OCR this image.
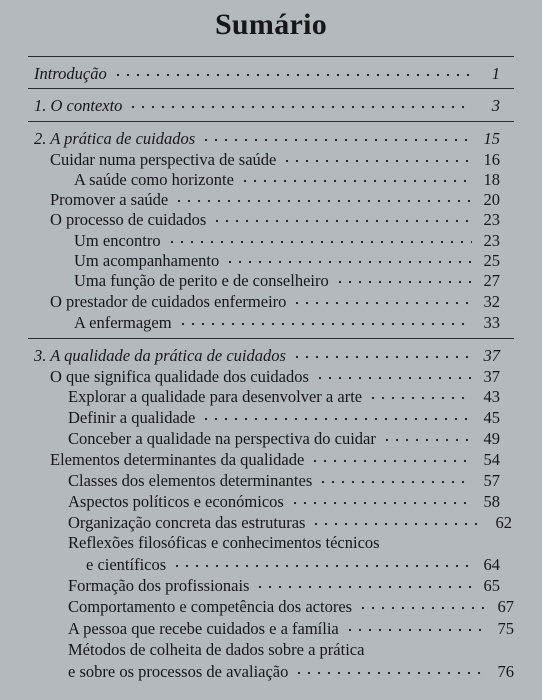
Sumário
Introdução	1
1. O contexto	3
2. A prática de cuidados	15
Cuidar numa perspectiva de saúde	16
A saúde como horizonte	18
Promover a saúde	20
O processo de cuidados	23
Um encontro	23
Um acompanhamento	25
Uma função de perito e de conselheiro	27
O prestador de cuidados enfermeiro	32
A enfermagem	33
3. A qualidade da prática de cuidados	37
O que significa qualidade dos cuidados	37
Explorar a qualidade para desenvolver a arte	43
Definir a qualidade	45
Conceber a qualidade na perspectiva do cuidar	49
Elementos determinantes da qualidade	54
Classes dos elementos determinantes	57
Aspectos políticos e económicos	58
Organização concreta das estruturas	62
Reflexões filosóficas e conhecimentos técnicos
e científicos	64
Formação dos profissionais	65
Comportamento e competência dos actores	67
A pessoa que recebe cuidados e a família	75
Métodos de colheita de dados sobre a prática
e sobre os processos de avaliação	76
